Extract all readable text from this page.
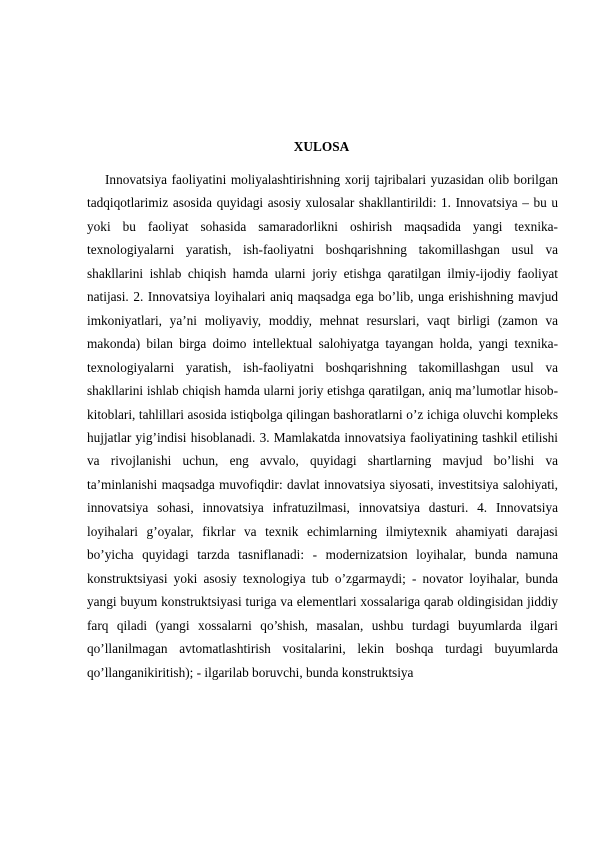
XULOSA

Innovatsiya faoliyatini moliyalashtirishning xorij tajribalari yuzasidan olib borilgan tadqiqotlarimiz asosida quyidagi asosiy xulosalar shakllantirildi: 1. Innovatsiya – bu u yoki bu faoliyat sohasida samaradorlikni oshirish maqsadida yangi texnika-texnologiyalarni yaratish, ish-faoliyatni boshqarishning takomillashgan usul va shakllarini ishlab chiqish hamda ularni joriy etishga qaratilgan ilmiy-ijodiy faoliyat natijasi. 2. Innovatsiya loyihalari aniq maqsadga ega bo’lib, unga erishishning mavjud imkoniyatlari, ya’ni moliyaviy, moddiy, mehnat resurslari, vaqt birligi (zamon va makonda) bilan birga doimo intellektual salohiyatga tayangan holda, yangi texnika-texnologiyalarni yaratish, ish-faoliyatni boshqarishning takomillashgan usul va shakllarini ishlab chiqish hamda ularni joriy etishga qaratilgan, aniq ma’lumotlar hisob-kitoblari, tahlillari asosida istiqbolga qilingan bashoratlarni o’z ichiga oluvchi kompleks hujjatlar yig’indisi hisoblanadi. 3. Mamlakatda innovatsiya faoliyatining tashkil etilishi va rivojlanishi uchun, eng avvalo, quyidagi shartlarning mavjud bo’lishi va ta’minlanishi maqsadga muvofiqdir: davlat innovatsiya siyosati, investitsiya salohiyati, innovatsiya sohasi, innovatsiya infratuzilmasi, innovatsiya dasturi. 4. Innovatsiya loyihalari g’oyalar, fikrlar va texnik echimlarning ilmiytexnik ahamiyati darajasi bo’yicha quyidagi tarzda tasniflanadi: - modernizatsion loyihalar, bunda namuna konstruktsiyasi yoki asosiy texnologiya tub o’zgarmaydi; - novator loyihalar, bunda yangi buyum konstruktsiyasi turiga va elementlari xossalariga qarab oldingisidan jiddiy farq qiladi (yangi xossalarni qo’shish, masalan, ushbu turdagi buyumlarda ilgari qo’llanilmagan avtomatlashtirish vositalarini, lekin boshqa turdagi buyumlarda qo’llanganikiritish); - ilgarilab boruvchi, bunda konstruktsiya
